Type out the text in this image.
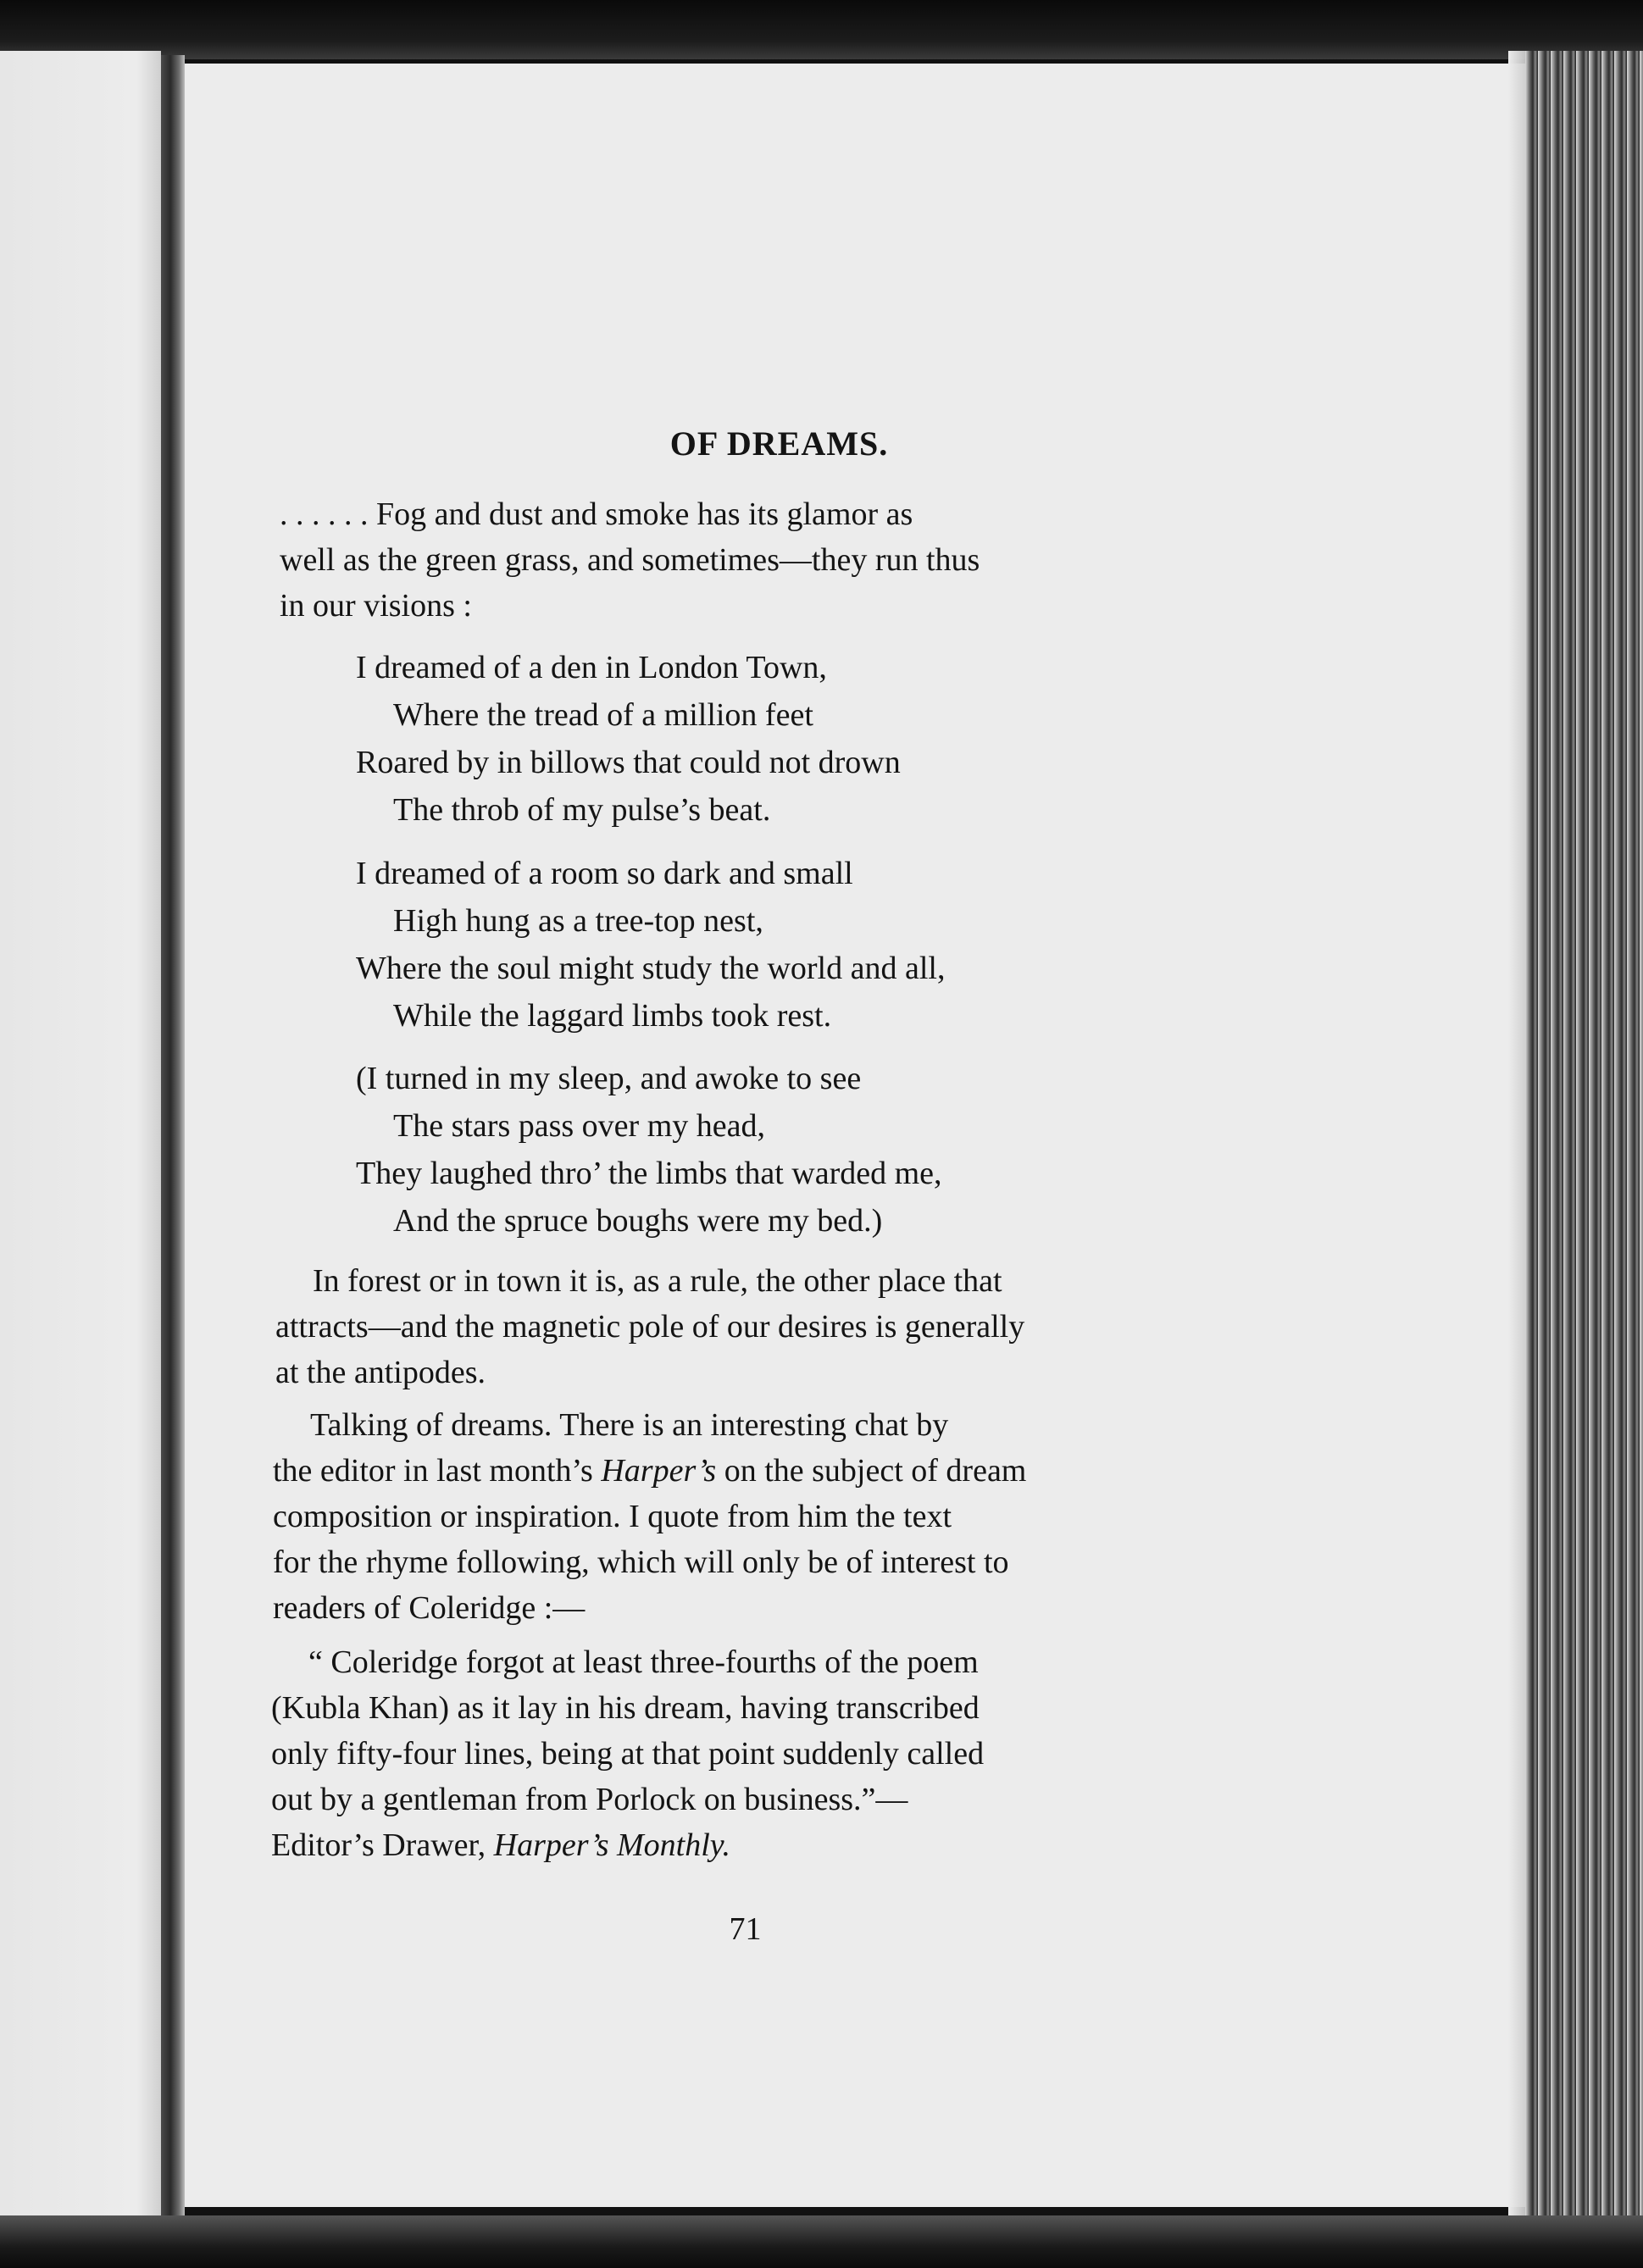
OF DREAMS.
. . . . . . Fog and dust and smoke has its glamor as
well as the green grass, and sometimes—they run thus
in our visions :
I dreamed of a den in London Town,
Where the tread of a million feet
Roared by in billows that could not drown
The throb of my pulse’s beat.
I dreamed of a room so dark and small
High hung as a tree-top nest,
Where the soul might study the world and all,
While the laggard limbs took rest.
(I turned in my sleep, and awoke to see
The stars pass over my head,
They laughed thro’ the limbs that warded me,
And the spruce boughs were my bed.)
In forest or in town it is, as a rule, the other place that
attracts—and the magnetic pole of our desires is generally
at the antipodes.
Talking of dreams. There is an interesting chat by
the editor in last month’s Harper’s on the subject of dream
composition or inspiration. I quote from him the text
for the rhyme following, which will only be of interest to
readers of Coleridge :—
“ Coleridge forgot at least three-fourths of the poem
(Kubla Khan) as it lay in his dream, having transcribed
only fifty-four lines, being at that point suddenly called
out by a gentleman from Porlock on business.”—
Editor’s Drawer, Harper’s Monthly.
71
